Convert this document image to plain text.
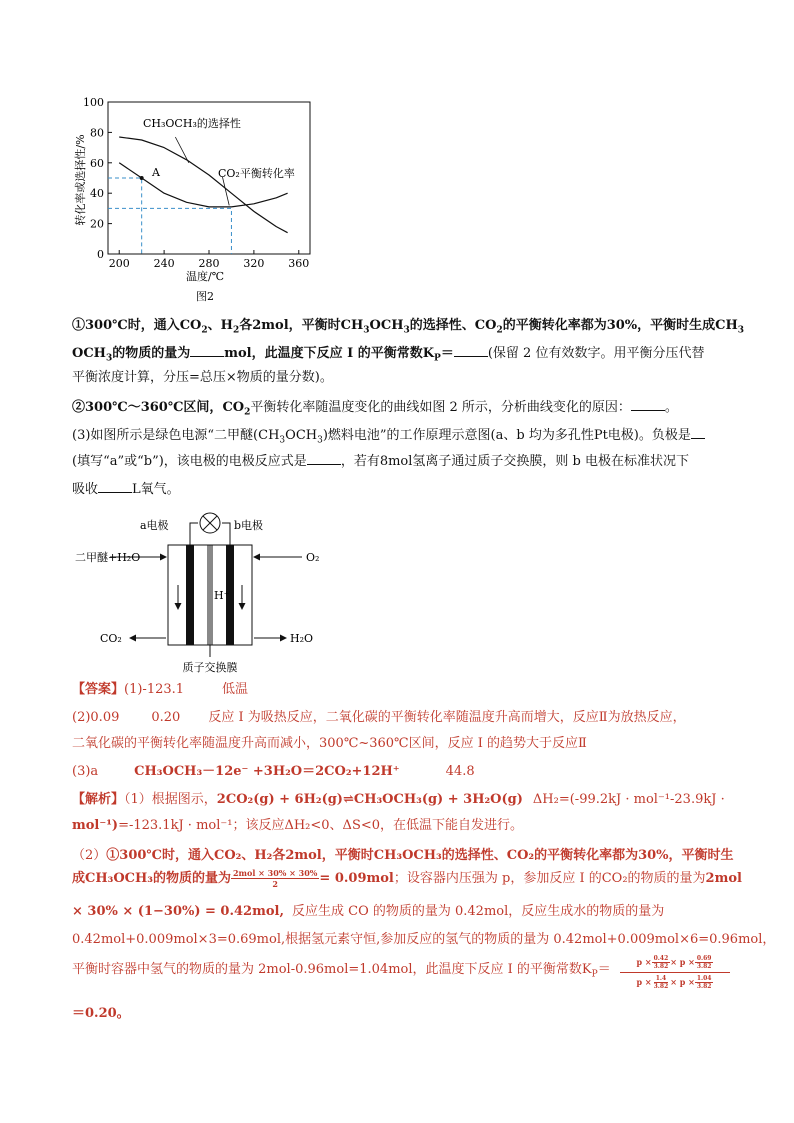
0
20
40
60
80
100
200 240 280 320 360
转化率或选择性/%
温度/℃
图2
CH₃OCH₃的选择性
CO₂平衡转化率
A
①300℃时，通入$CO_2$、$H_2$各2mol，平衡时$CH_3OCH_3$的选择性、$CO_2$的平衡转化率都为30%，平衡时生成$CH_3$
$OCH_3$的物质的量为	mol，此温度下反应 I 的平衡常数$K_P=$	(保留 2 位有效数字。用平衡分压代替
平衡浓度计算，分压=总压×物质的量分数)。
②300℃～360℃区间，$CO_2$平衡转化率随温度变化的曲线如图 2 所示，分析曲线变化的原因：	。
(3)如图所示是绿色电源“二甲醚$(CH_3OCH_3)$燃料电池”的工作原理示意图(a、b 均为多孔性Pt电极)。负极是
(填写“a”或“b”)，该电极的电极反应式是	，若有8mol氢离子通过质子交换膜，则 b 电极在标准状况下
吸收	L氧气。
a电极	b电极
二甲醚+H₂O	O₂
CO₂	H₂O
H⁺
质子交换膜
【答案】(1)-123.1	低温
(2)0.09 0.20 反应 I 为吸热反应，二氧化碳的平衡转化率随温度升高而增大，反应Ⅱ为放热反应，
二氧化碳的平衡转化率随温度升高而减小，300℃~360℃区间，反应 I 的趋势大于反应Ⅱ
(3)a	CH₃OCH₃－12e⁻ +3H₂O＝2CO₂+12H⁺	44.8
【解析】（1）根据图示，2CO₂(g) + 6H₂(g)⇌CH₃OCH₃(g) + 3H₂O(g) ΔH₂=(-99.2kJ · mol⁻¹-23.9kJ ·
mol⁻¹)=-123.1kJ · mol⁻¹；该反应ΔH₂<0、ΔS<0，在低温下能自发进行。
（2）①300℃时，通入CO₂、H₂各2mol，平衡时CH₃OCH₃的选择性、CO₂的平衡转化率都为30%，平衡时生
成CH₃OCH₃的物质的量为 $\frac{\text{2mol × 30\% × 30\%}}{2} = 0.09mol$；设容器内压强为 p，参加反应 I 的CO₂的物质的量为2mol
× 30% × (1−30%) = 0.42mol, 反应生成 CO 的物质的量为 0.42mol，反应生成水的物质的量为
0.42mol+0.009mol×3=0.69mol,根据氢元素守恒,参加反应的氢气的物质的量为 0.42mol+0.009mol×6=0.96mol，
平衡时容器中氢气的物质的量为 2mol-0.96mol=1.04mol，此温度下反应 I 的平衡常数$K_P=$	$p \times \frac{0.42}{3.82} \times p \times \frac{0.69}{3.82}$
$p \times \frac{1.4}{3.82} \times p \times \frac{1.04}{3.82}$
＝0.20。
